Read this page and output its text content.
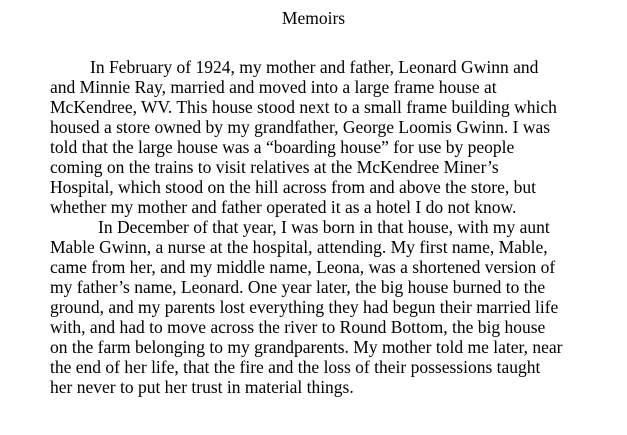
Memoirs
In February of 1924, my mother and father, Leonard Gwinn and
and Minnie Ray, married and moved into a large frame house at
McKendree, WV. This house stood next to a small frame building which
housed a store owned by my grandfather, George Loomis Gwinn. I was
told that the large house was a “boarding house” for use by people
coming on the trains to visit relatives at the McKendree Miner’s
Hospital, which stood on the hill across from and above the store, but
whether my mother and father operated it as a hotel I do not know.
In December of that year, I was born in that house, with my aunt
Mable Gwinn, a nurse at the hospital, attending. My first name, Mable,
came from her, and my middle name, Leona, was a shortened version of
my father’s name, Leonard. One year later, the big house burned to the
ground, and my parents lost everything they had begun their married life
with, and had to move across the river to Round Bottom, the big house
on the farm belonging to my grandparents. My mother told me later, near
the end of her life, that the fire and the loss of their possessions taught
her never to put her trust in material things.
